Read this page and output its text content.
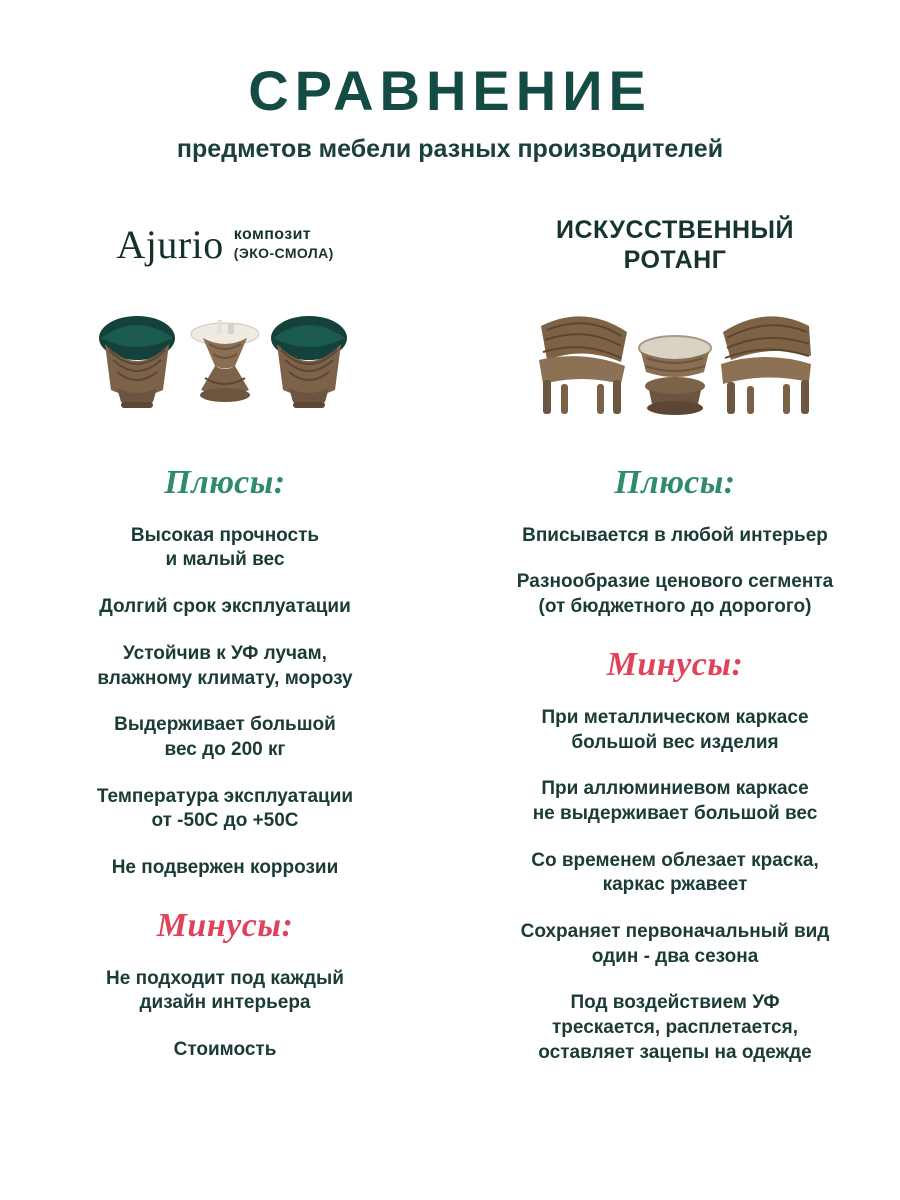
СРАВНЕНИЕ

предметов мебели разных производителей

Ajurio композит
(ЭКО-СМОЛА)
Плюсы:
Высокая прочность
и малый вес
Долгий срок эксплуатации
Устойчив к УФ лучам,
влажному климату, морозу
Выдерживает большой
вес до 200 кг
Температура эксплуатации
от -50С до +50С
Не подвержен коррозии
Минусы:
Не подходит под каждый
дизайн интерьера
Стоимость
ИСКУССТВЕННЫЙ
РОТАНГ
Плюсы:
Вписывается в любой интерьер
Разнообразие ценового сегмента
(от бюджетного до дорогого)
Минусы:
При металлическом каркасе
большой вес изделия
При аллюминиевом каркасе
не выдерживает большой вес
Со временем облезает краска,
каркас ржавеет
Сохраняет первоначальный вид
один - два сезона
Под воздействием УФ
трескается, расплетается,
оставляет зацепы на одежде
